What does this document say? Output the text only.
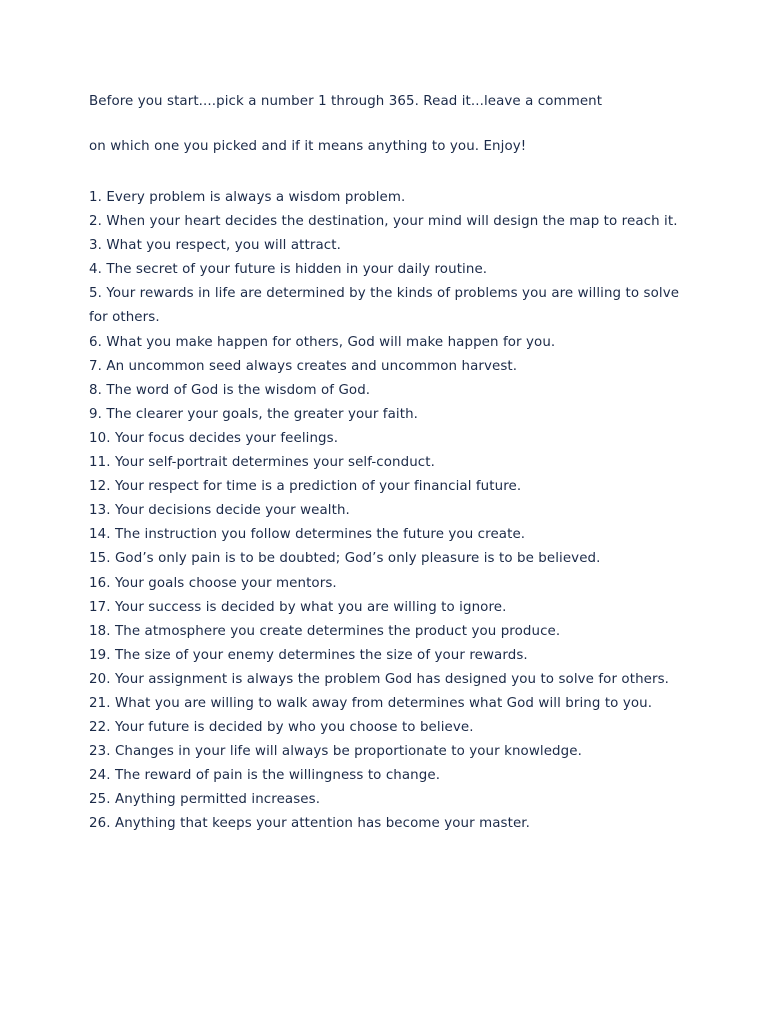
Before you start....pick a number 1 through 365. Read it...leave a comment
on which one you picked and if it means anything to you. Enjoy!
1. Every problem is always a wisdom problem.
2. When your heart decides the destination, your mind will design the map to reach it.
3. What you respect, you will attract.
4. The secret of your future is hidden in your daily routine.
5. Your rewards in life are determined by the kinds of problems you are willing to solve for others.
6. What you make happen for others, God will make happen for you.
7. An uncommon seed always creates and uncommon harvest.
8. The word of God is the wisdom of God.
9. The clearer your goals, the greater your faith.
10. Your focus decides your feelings.
11. Your self-portrait determines your self-conduct.
12. Your respect for time is a prediction of your financial future.
13. Your decisions decide your wealth.
14. The instruction you follow determines the future you create.
15. God’s only pain is to be doubted; God’s only pleasure is to be believed.
16. Your goals choose your mentors.
17. Your success is decided by what you are willing to ignore.
18. The atmosphere you create determines the product you produce.
19. The size of your enemy determines the size of your rewards.
20. Your assignment is always the problem God has designed you to solve for others.
21. What you are willing to walk away from determines what God will bring to you.
22. Your future is decided by who you choose to believe.
23. Changes in your life will always be proportionate to your knowledge.
24. The reward of pain is the willingness to change.
25. Anything permitted increases.
26. Anything that keeps your attention has become your master.
